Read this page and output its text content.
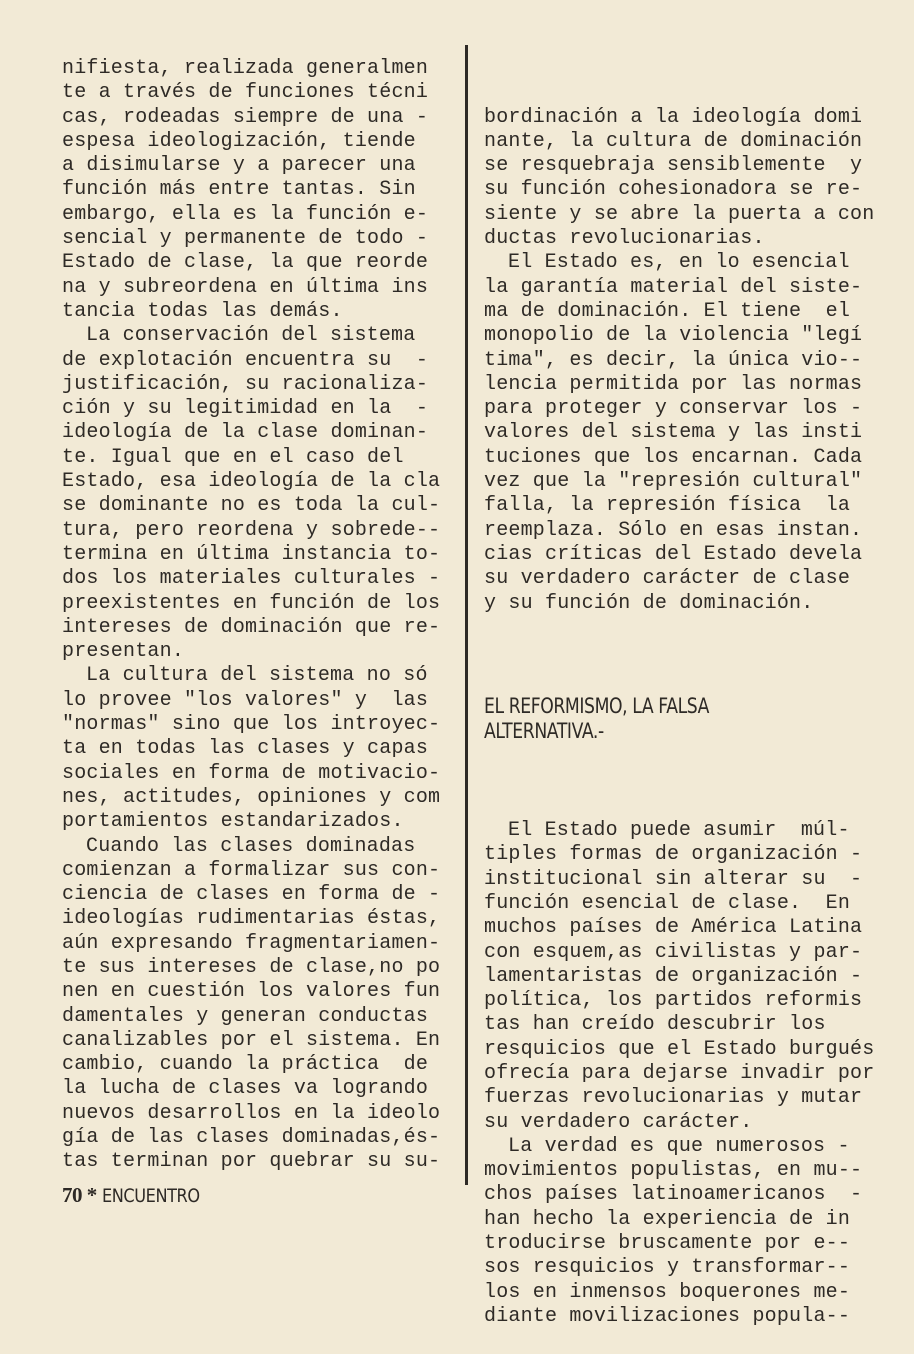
nifiesta, realizada generalmen
te a través de funciones técni
cas, rodeadas siempre de una -
espesa ideologización, tiende
a disimularse y a parecer una
función más entre tantas. Sin
embargo, ella es la función e-
sencial y permanente de todo -
Estado de clase, la que reorde
na y subreordena en última ins
tancia todas las demás.
La conservación del sistema
de explotación encuentra su  -
justificación, su racionaliza-
ción y su legitimidad en la  -
ideología de la clase dominan-
te. Igual que en el caso del
Estado, esa ideología de la cla
se dominante no es toda la cul-
tura, pero reordena y sobrede--
termina en última instancia to-
dos los materiales culturales -
preexistentes en función de los
intereses de dominación que re-
presentan.
La cultura del sistema no só
lo provee "los valores" y  las
"normas" sino que los introyec-
ta en todas las clases y capas
sociales en forma de motivacio-
nes, actitudes, opiniones y com
portamientos estandarizados.
Cuando las clases dominadas
comienzan a formalizar sus con-
ciencia de clases en forma de -
ideologías rudimentarias éstas,
aún expresando fragmentariamen-
te sus intereses de clase,no po
nen en cuestión los valores fun
damentales y generan conductas
canalizables por el sistema. En
cambio, cuando la práctica  de
la lucha de clases va logrando
nuevos desarrollos en la ideolo
gía de las clases dominadas,és-
tas terminan por quebrar su su-

bordinación a la ideología domi
nante, la cultura de dominación
se resquebraja sensiblemente  y
su función cohesionadora se re-
siente y se abre la puerta a con
ductas revolucionarias.
El Estado es, en lo esencial
la garantía material del siste-
ma de dominación. El tiene  el
monopolio de la violencia "legí
tima", es decir, la única vio--
lencia permitida por las normas
para proteger y conservar los -
valores del sistema y las insti
tuciones que los encarnan. Cada
vez que la "represión cultural"
falla, la represión física  la
reemplaza. Sólo en esas instan.
cias críticas del Estado devela
su verdadero carácter de clase
y su función de dominación.

EL REFORMISMO, LA FALSA
ALTERNATIVA.-

El Estado puede asumir  múl-
tiples formas de organización -
institucional sin alterar su  -
función esencial de clase.  En
muchos países de América Latina
con esquem,as civilistas y par-
lamentaristas de organización -
política, los partidos reformis
tas han creído descubrir los
resquicios que el Estado burgués
ofrecía para dejarse invadir por
fuerzas revolucionarias y mutar
su verdadero carácter.
La verdad es que numerosos -
movimientos populistas, en mu--
chos países latinoamericanos  -
han hecho la experiencia de in
troducirse bruscamente por e--
sos resquicios y transformar--
los en inmensos boquerones me-
diante movilizaciones popula--

70 * ENCUENTRO
